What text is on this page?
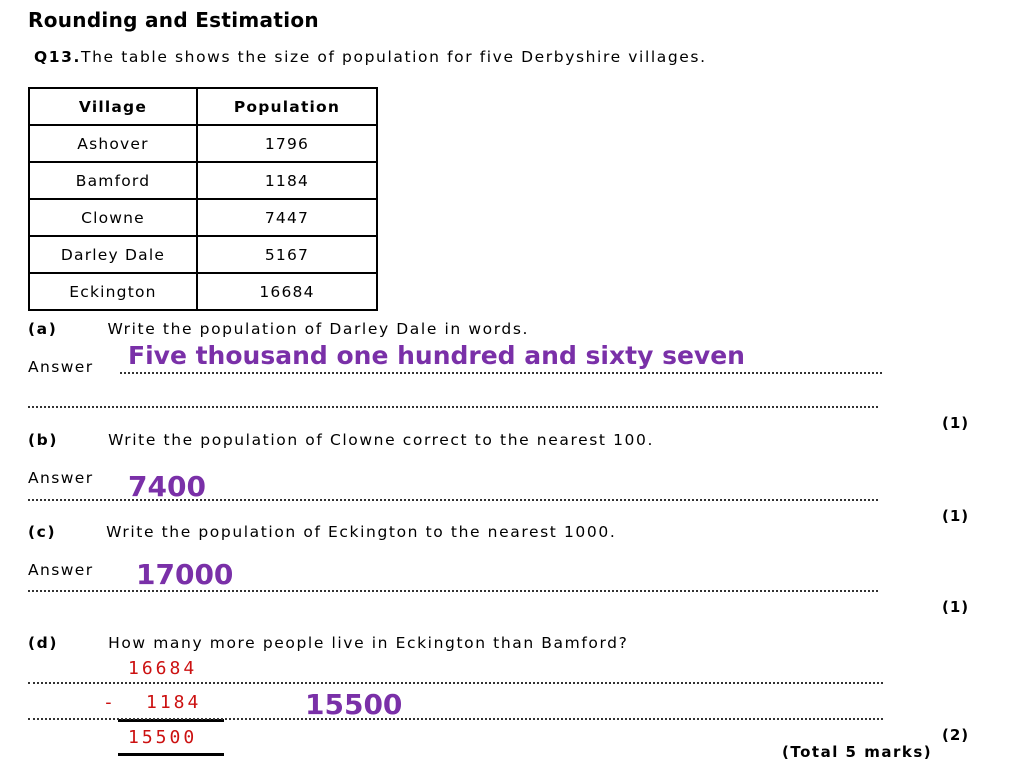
Rounding and Estimation
Q13.The table shows the size of population for five Derbyshire villages.
Village	Population
Ashover	1796
Bamford	1184
Clowne	7447
Darley Dale	5167
Eckington	16684
(a)	Write the population of Darley Dale in words.
Answer Five thousand one hundred and sixty seven
(1)
(b)	Write the population of Clowne correct to the nearest 100.
Answer 7400
(1)
(c)	Write the population of Eckington to the nearest 1000.
Answer 17000
(1)
(d)	How many more people live in Eckington than Bamford?
16684
- 1184	15500
15500	(2)
(Total 5 marks)
